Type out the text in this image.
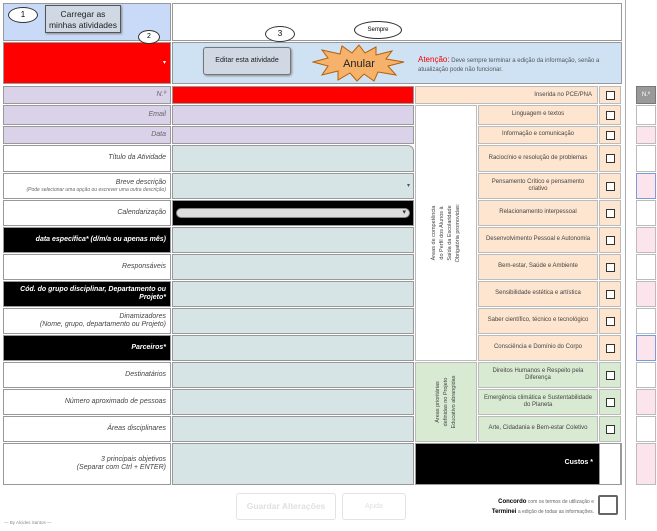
Carregar as minhas atividades
1
▾
2
Editar esta atividade
3
Anular
Sempre
Atenção: Deve sempre terminar a edição da informação, senão a atualização pode não funcionar.
N.º
Email
Data
Título da Atividade
Breve descrição
(Pode selecionar uma opção ou escrever uma outra descrição)
Calendarização
data específica* (d/m/a ou apenas mês)
Responsáveis
Cód. do grupo disciplinar, Departamento ou Projeto*
Dinamizadores
(Nome, grupo, departamento ou Projeto)
Parceiros*
Destinatários
Número aproximado de pessoas
Áreas disciplinares
3 principais objetivos
(Separar com Ctrl + ENTER)
▾
▾
Inserida no PCE/PNA
Áreas de competência do Perfil dos Alunos à Saída da Escolaridade Obrigatória promovidas:
Áreas prioritárias definidas no Projeto Educativo abrangidas
Linguagem e textos
Informação e comunicação
Raciocínio e resolução de problemas
Pensamento Crítico e pensamento criativo
Relacionamento interpessoal
Desenvolvimento Pessoal e Autonomia
Bem-estar, Saúde e Ambiente
Sensibilidade estética e artística
Saber científico, técnico e tecnológico
Consciência e Domínio do Corpo
Direitos Humanos e Respeito pela Diferença
Emergência climática e Sustentabilidade do Planeta
Arte, Cidadania e Bem-estar Coletivo
Custos *
N.º
Guardar Alterações	Ajuda
Concordo com os termos de utilização e
Terminei a edição de todas as informações.
— By Alcides Santos —
